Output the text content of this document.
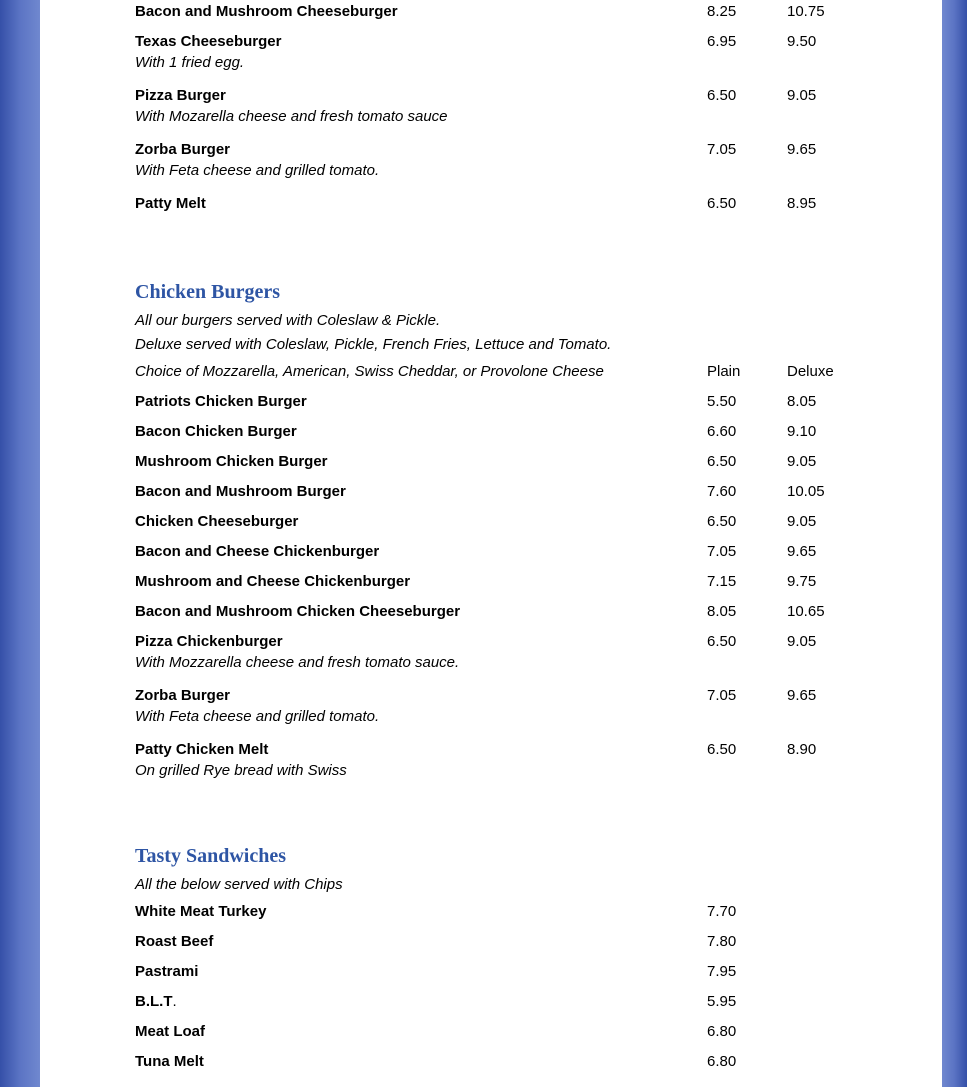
Bacon and Mushroom Cheeseburger	8.25	10.75
Texas Cheeseburger	6.95	9.50
With 1 fried egg.
Pizza Burger	6.50	9.05
With Mozarella cheese and fresh tomato sauce
Zorba Burger	7.05	9.65
With Feta cheese and grilled tomato.
Patty Melt	6.50	8.95
Chicken Burgers
All our burgers served with Coleslaw & Pickle.
Deluxe served with Coleslaw, Pickle, French Fries, Lettuce and Tomato.
Choice of Mozzarella, American, Swiss Cheddar, or Provolone Cheese	Plain	Deluxe
Patriots Chicken Burger	5.50	8.05
Bacon Chicken Burger	6.60	9.10
Mushroom Chicken Burger	6.50	9.05
Bacon and Mushroom Burger	7.60	10.05
Chicken Cheeseburger	6.50	9.05
Bacon and Cheese Chickenburger	7.05	9.65
Mushroom and Cheese Chickenburger	7.15	9.75
Bacon and Mushroom Chicken Cheeseburger	8.05	10.65
Pizza Chickenburger	6.50	9.05
With Mozzarella cheese and fresh tomato sauce.
Zorba Burger	7.05	9.65
With Feta cheese and grilled tomato.
Patty Chicken Melt	6.50	8.90
On grilled Rye bread with Swiss
Tasty Sandwiches
All the below served with Chips
White Meat Turkey	7.70
Roast Beef	7.80
Pastrami	7.95
B.L.T.	5.95
Meat Loaf	6.80
Tuna Melt	6.80
